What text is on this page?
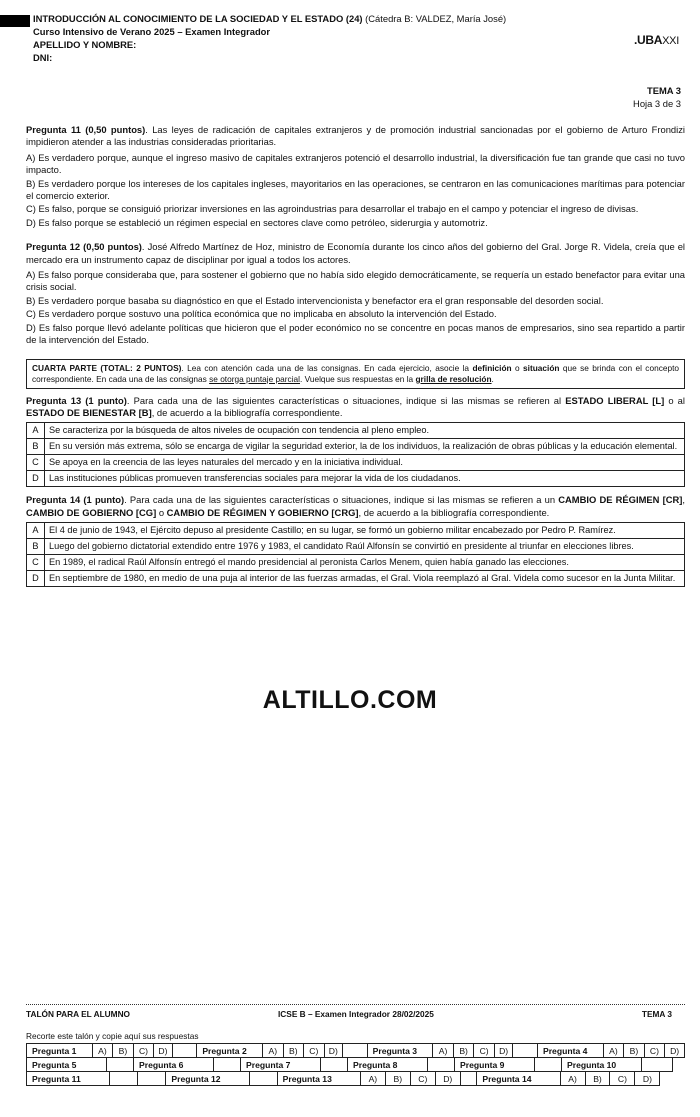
INTRODUCCIÓN AL CONOCIMIENTO DE LA SOCIEDAD Y EL ESTADO (24) (Cátedra B: VALDEZ, María José)
Curso Intensivo de Verano 2025 – Examen Integrador
APELLIDO Y NOMBRE:
DNI:
.UBAXXI
TEMA 3
Hoja 3 de 3
Pregunta 11 (0,50 puntos). Las leyes de radicación de capitales extranjeros y de promoción industrial sancionadas por el gobierno de Arturo Frondizi impidieron atender a las industrias consideradas prioritarias.
A) Es verdadero porque, aunque el ingreso masivo de capitales extranjeros potenció el desarrollo industrial, la diversificación fue tan grande que casi no tuvo impacto.
B) Es verdadero porque los intereses de los capitales ingleses, mayoritarios en las operaciones, se centraron en las comunicaciones marítimas para potenciar el comercio exterior.
C) Es falso, porque se consiguió priorizar inversiones en las agroindustrias para desarrollar el trabajo en el campo y potenciar el ingreso de divisas.
D) Es falso porque se estableció un régimen especial en sectores clave como petróleo, siderurgia y automotriz.
Pregunta 12 (0,50 puntos). José Alfredo Martínez de Hoz, ministro de Economía durante los cinco años del gobierno del Gral. Jorge R. Videla, creía que el mercado era un instrumento capaz de disciplinar por igual a todos los actores.
A) Es falso porque consideraba que, para sostener el gobierno que no había sido elegido democráticamente, se requería un estado benefactor para evitar una crisis social.
B) Es verdadero porque basaba su diagnóstico en que el Estado intervencionista y benefactor era el gran responsable del desorden social.
C) Es verdadero porque sostuvo una política económica que no implicaba en absoluto la intervención del Estado.
D) Es falso porque llevó adelante políticas que hicieron que el poder económico no se concentre en pocas manos de empresarios, sino sea repartido a partir de la intervención del Estado.
CUARTA PARTE (TOTAL: 2 PUNTOS). Lea con atención cada una de las consignas. En cada ejercicio, asocie la definición o situación que se brinda con el concepto correspondiente. En cada una de las consignas se otorga puntaje parcial. Vuelque sus respuestas en la grilla de resolución.
Pregunta 13 (1 punto). Para cada una de las siguientes características o situaciones, indique si las mismas se refieren al ESTADO LIBERAL [L] o al ESTADO DE BIENESTAR [B], de acuerdo a la bibliografía correspondiente.
A	Se caracteriza por la búsqueda de altos niveles de ocupación con tendencia al pleno empleo.
B	En su versión más extrema, sólo se encarga de vigilar la seguridad exterior, la de los individuos, la realización de obras públicas y la educación elemental.
C	Se apoya en la creencia de las leyes naturales del mercado y en la iniciativa individual.
D	Las instituciones públicas promueven transferencias sociales para mejorar la vida de los ciudadanos.
Pregunta 14 (1 punto). Para cada una de las siguientes características o situaciones, indique si las mismas se refieren a un CAMBIO DE RÉGIMEN [CR], CAMBIO DE GOBIERNO [CG] o CAMBIO DE RÉGIMEN Y GOBIERNO [CRG], de acuerdo a la bibliografía correspondiente.
A	El 4 de junio de 1943, el Ejército depuso al presidente Castillo; en su lugar, se formó un gobierno militar encabezado por Pedro P. Ramírez.
B	Luego del gobierno dictatorial extendido entre 1976 y 1983, el candidato Raúl Alfonsín se convirtió en presidente al triunfar en elecciones libres.
C	En 1989, el radical Raúl Alfonsín entregó el mando presidencial al peronista Carlos Menem, quien había ganado las elecciones.
D	En septiembre de 1980, en medio de una puja al interior de las fuerzas armadas, el Gral. Viola reemplazó al Gral. Videla como sucesor en la Junta Militar.
ALTILLO.COM
TALÓN PARA EL ALUMNO	ICSE B – Examen Integrador 28/02/2025	TEMA 3
Recorte este talón y copie aquí sus respuestas
Pregunta 1	A)	B)	C)	D)		Pregunta 2	A)	B)	C)	D)		Pregunta 3	A)	B)	C)	D)		Pregunta 4	A)	B)	C)	D)
Pregunta 5		Pregunta 6		Pregunta 7		Pregunta 8		Pregunta 9		Pregunta 10		
Pregunta 11			Pregunta 12		Pregunta 13	A)	B)	C)	D)		Pregunta 14	A)	B)	C)	D)	
